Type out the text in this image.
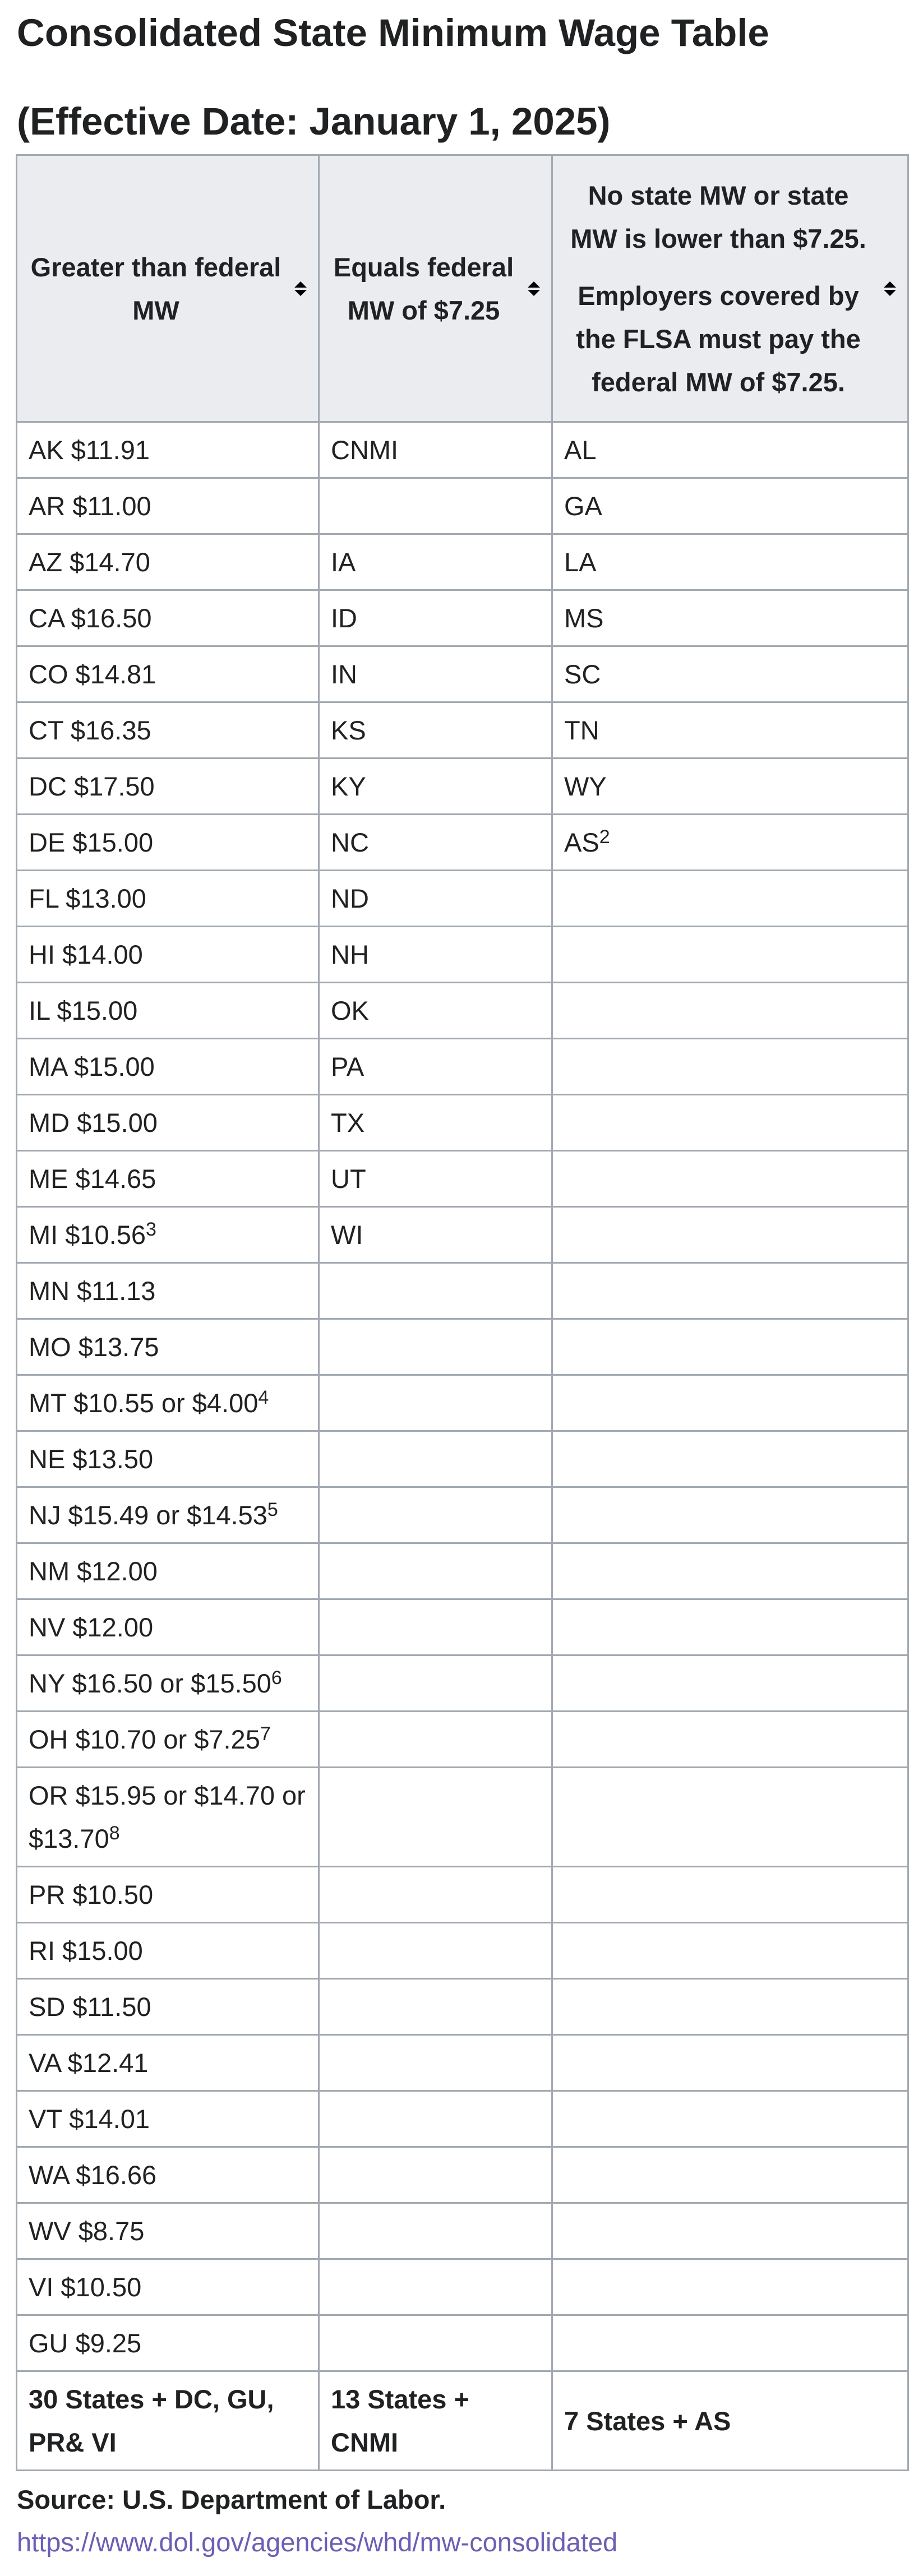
Consolidated State Minimum Wage Table
(Effective Date: January 1, 2025)
Greater than federal MW	Equals federal MW of $7.25	No state MW or state MW is lower than $7.25.
Employers covered by the FLSA must pay the federal MW of $7.25.

AK $11.91	CNMI	AL
AR $11.00		GA
AZ $14.70	IA	LA
CA $16.50	ID	MS
CO $14.81	IN	SC
CT $16.35	KS	TN
DC $17.50	KY	WY
DE $15.00	NC	$AS^2$
FL $13.00	ND	
HI $14.00	NH	
IL $15.00	OK	
MA $15.00	PA	
MD $15.00	TX	
ME $14.65	UT	
MI $10.56$^3$	WI	
MN $11.13		
MO $13.75		
MT $10.55 or $4.00$^4$		
NE $13.50		
NJ $15.49 or $14.53$^5$		
NM $12.00		
NV $12.00		
NY $16.50 or $15.50$^6$		
OH $10.70 or $7.25$^7$		
OR $15.95 or $14.70 or $13.70$^8$		
PR $10.50		
RI $15.00		
SD $11.50		
VA $12.41		
VT $14.01		
WA $16.66		
WV $8.75		
VI $10.50		
GU $9.25		
30 States + DC, GU, PR& VI	13 States + CNMI	7 States + AS

Source: U.S. Department of Labor.

https://www.dol.gov/agencies/whd/mw-consolidated
